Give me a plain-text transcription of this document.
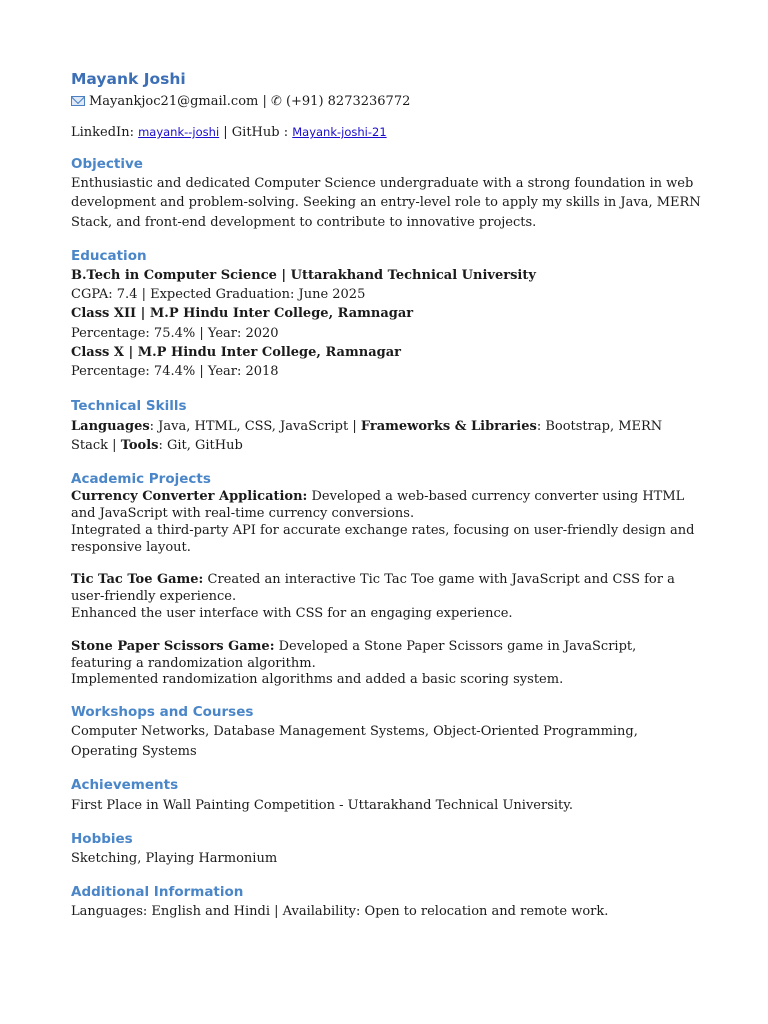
Mayank Joshi
Mayankjoc21@gmail.com | ✆ (+91) 8273236772
LinkedIn: mayank--joshi | GitHub : Mayank-joshi-21
Objective
Enthusiastic and dedicated Computer Science undergraduate with a strong foundation in web development and problem-solving. Seeking an entry-level role to apply my skills in Java, MERN Stack, and front-end development to contribute to innovative projects.
Education
B.Tech in Computer Science | Uttarakhand Technical University
CGPA: 7.4 | Expected Graduation: June 2025
Class XII | M.P Hindu Inter College, Ramnagar
Percentage: 75.4% | Year: 2020
Class X | M.P Hindu Inter College, Ramnagar
Percentage: 74.4% | Year: 2018
Technical Skills
Languages: Java, HTML, CSS, JavaScript | Frameworks & Libraries: Bootstrap, MERN Stack | Tools: Git, GitHub
Academic Projects
Currency Converter Application: Developed a web-based currency converter using HTML and JavaScript with real-time currency conversions.
Integrated a third-party API for accurate exchange rates, focusing on user-friendly design and responsive layout.
Tic Tac Toe Game: Created an interactive Tic Tac Toe game with JavaScript and CSS for a user-friendly experience.
Enhanced the user interface with CSS for an engaging experience.
Stone Paper Scissors Game: Developed a Stone Paper Scissors game in JavaScript, featuring a randomization algorithm.
Implemented randomization algorithms and added a basic scoring system.
Workshops and Courses
Computer Networks, Database Management Systems, Object-Oriented Programming, Operating Systems
Achievements
First Place in Wall Painting Competition - Uttarakhand Technical University.
Hobbies
Sketching, Playing Harmonium
Additional Information
Languages: English and Hindi | Availability: Open to relocation and remote work.
